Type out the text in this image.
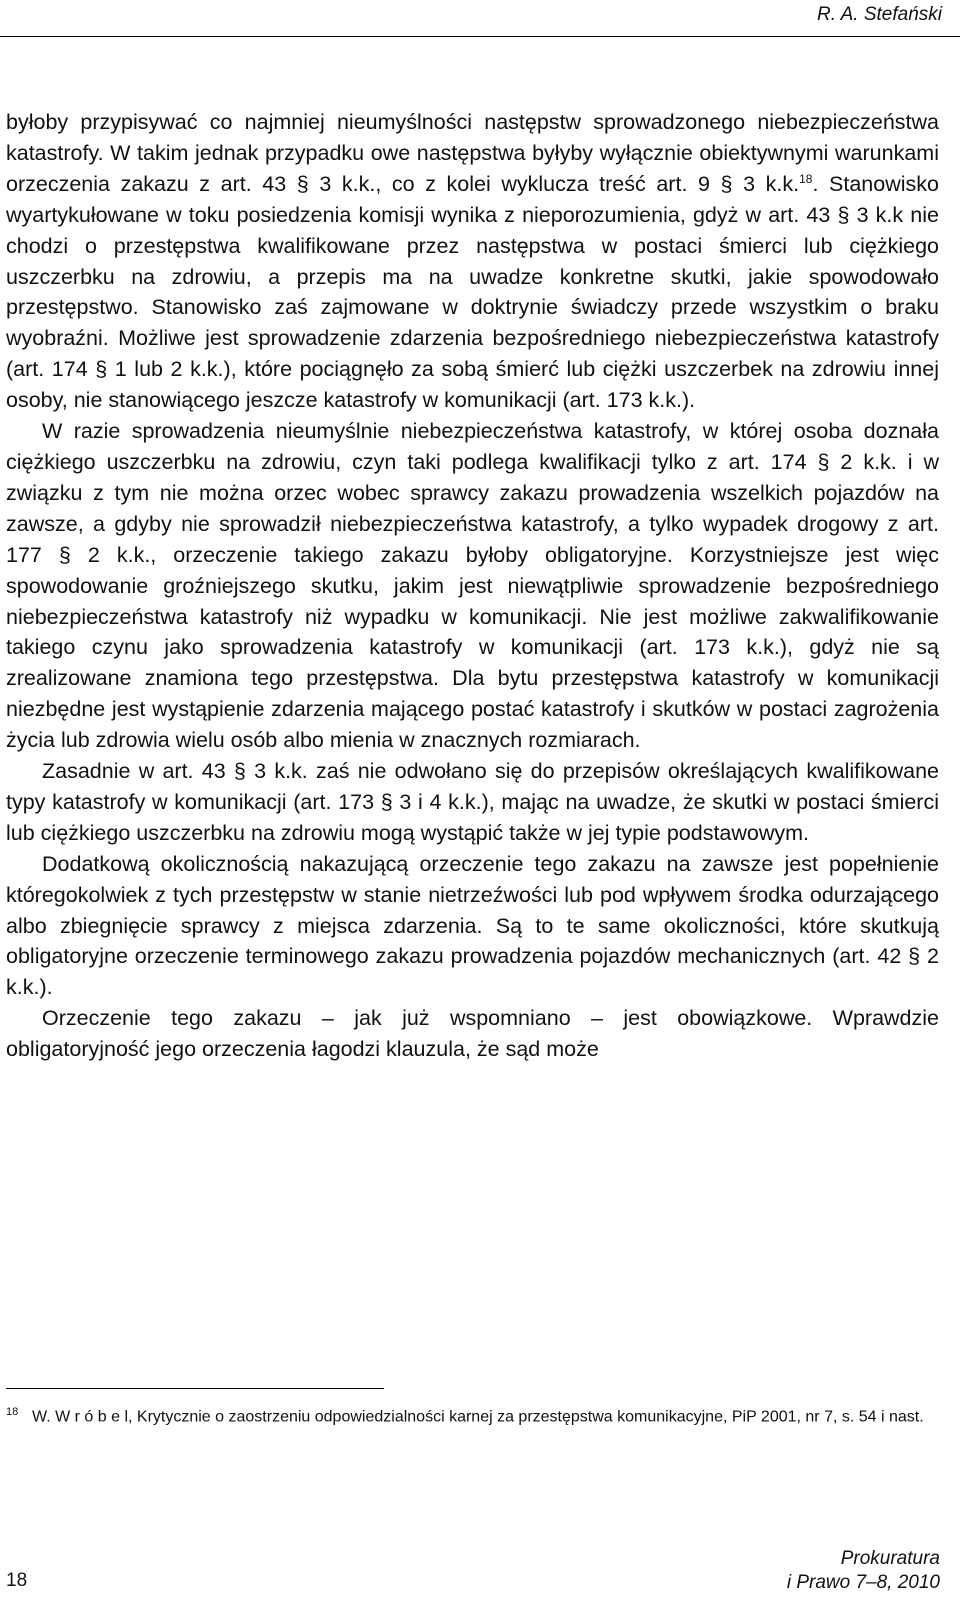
R. A. Stefański

byłoby przypisywać co najmniej nieumyślności następstw sprowadzonego niebezpieczeństwa katastrofy. W takim jednak przypadku owe następstwa byłyby wyłącznie obiektywnymi warunkami orzeczenia zakazu z art. 43 § 3 k.k., co z kolei wyklucza treść art. 9 § 3 k.k.$^{18}$. Stanowisko wyartykułowane w toku posiedzenia komisji wynika z nieporozumienia, gdyż w art. 43 § 3 k.k nie chodzi o przestępstwa kwalifikowane przez następstwa w postaci śmierci lub ciężkiego uszczerbku na zdrowiu, a przepis ma na uwadze konkretne skutki, jakie spowodowało przestępstwo. Stanowisko zaś zajmowane w doktrynie świadczy przede wszystkim o braku wyobraźni. Możliwe jest sprowadzenie zdarzenia bezpośredniego niebezpieczeństwa katastrofy (art. 174 § 1 lub 2 k.k.), które pociągnęło za sobą śmierć lub ciężki uszczerbek na zdrowiu innej osoby, nie stanowiącego jeszcze katastrofy w komunikacji (art. 173 k.k.).

W razie sprowadzenia nieumyślnie niebezpieczeństwa katastrofy, w której osoba doznała ciężkiego uszczerbku na zdrowiu, czyn taki podlega kwalifikacji tylko z art. 174 § 2 k.k. i w związku z tym nie można orzec wobec sprawcy zakazu prowadzenia wszelkich pojazdów na zawsze, a gdyby nie sprowadził niebezpieczeństwa katastrofy, a tylko wypadek drogowy z art. 177 § 2 k.k., orzeczenie takiego zakazu byłoby obligatoryjne. Korzystniejsze jest więc spowodowanie groźniejszego skutku, jakim jest niewątpliwie sprowadzenie bezpośredniego niebezpieczeństwa katastrofy niż wypadku w komunikacji. Nie jest możliwe zakwalifikowanie takiego czynu jako sprowadzenia katastrofy w komunikacji (art. 173 k.k.), gdyż nie są zrealizowane znamiona tego przestępstwa. Dla bytu przestępstwa katastrofy w komunikacji niezbędne jest wystąpienie zdarzenia mającego postać katastrofy i skutków w postaci zagrożenia życia lub zdrowia wielu osób albo mienia w znacznych rozmiarach.

Zasadnie w art. 43 § 3 k.k. zaś nie odwołano się do przepisów określających kwalifikowane typy katastrofy w komunikacji (art. 173 § 3 i 4 k.k.), mając na uwadze, że skutki w postaci śmierci lub ciężkiego uszczerbku na zdrowiu mogą wystąpić także w jej typie podstawowym.

Dodatkową okolicznością nakazującą orzeczenie tego zakazu na zawsze jest popełnienie któregokolwiek z tych przestępstw w stanie nietrzeźwości lub pod wpływem środka odurzającego albo zbiegnięcie sprawcy z miejsca zdarzenia. Są to te same okoliczności, które skutkują obligatoryjne orzeczenie terminowego zakazu prowadzenia pojazdów mechanicznych (art. 42 § 2 k.k.).

Orzeczenie tego zakazu – jak już wspomniano – jest obowiązkowe. Wprawdzie obligatoryjność jego orzeczenia łagodzi klauzula, że sąd może

18 W. W r ó b e l, Krytycznie o zaostrzeniu odpowiedzialności karnej za przestępstwa komunikacyjne, PiP 2001, nr 7, s. 54 i nast.
18
Prokuratura
i Prawo 7–8, 2010
